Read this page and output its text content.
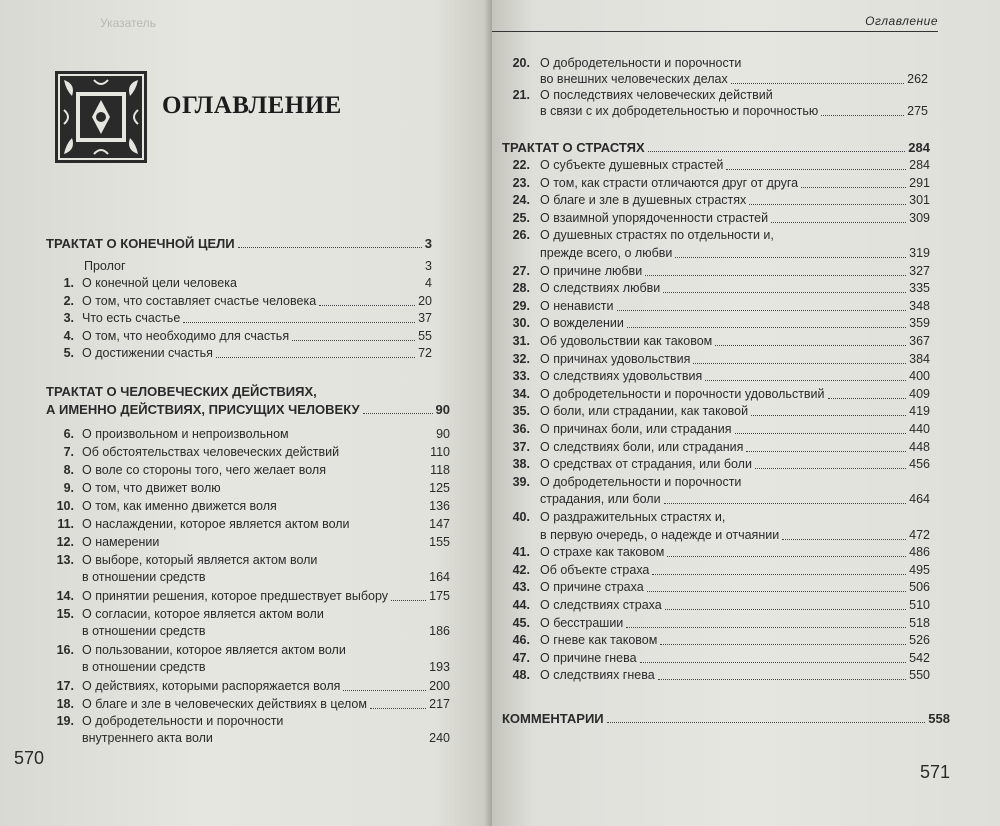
Указатель
ОГЛАВЛЕНИЕ
ТРАКТАТ О КОНЕЧНОЙ ЦЕЛИ	3
Пролог	3
1. О конечной цели человека	4
2. О том, что составляет счастье человека	20
3. Что есть счастье	37
4. О том, что необходимо для счастья	55
5. О достижении счастья	72
ТРАКТАТ О ЧЕЛОВЕЧЕСКИХ ДЕЙСТВИЯХ,
А ИМЕННО ДЕЙСТВИЯХ, ПРИСУЩИХ ЧЕЛОВЕКУ	90
6. О произвольном и непроизвольном	90
7. Об обстоятельствах человеческих действий	110
8. О воле со стороны того, чего желает воля	118
9. О том, что движет волю	125
10. О том, как именно движется воля	136
11. О наслаждении, которое является актом воли	147
12. О намерении	155
13. О выборе, который является актом воли
в отношении средств	164
14. О принятии решения, которое предшествует выбору	175
15. О согласии, которое является актом воли
в отношении средств	186
16. О пользовании, которое является актом воли
в отношении средств	193
17. О действиях, которыми распоряжается воля	200
18. О благе и зле в человеческих действиях в целом	217
19. О добродетельности и порочности
внутреннего акта воли	240
570
Оглавление
20. О добродетельности и порочности
во внешних человеческих делах	262
21. О последствиях человеческих действий
в связи с их добродетельностью и порочностью	275
ТРАКТАТ О СТРАСТЯХ	284
22. О субъекте душевных страстей	284
23. О том, как страсти отличаются друг от друга	291
24. О благе и зле в душевных страстях	301
25. О взаимной упорядоченности страстей	309
26. О душевных страстях по отдельности и,
прежде всего, о любви	319
27. О причине любви	327
28. О следствиях любви	335
29. О ненависти	348
30. О вожделении	359
31. Об удовольствии как таковом	367
32. О причинах удовольствия	384
33. О следствиях удовольствия	400
34. О добродетельности и порочности удовольствий	409
35. О боли, или страдании, как таковой	419
36. О причинах боли, или страдания	440
37. О следствиях боли, или страдания	448
38. О средствах от страдания, или боли	456
39. О добродетельности и порочности
страдания, или боли	464
40. О раздражительных страстях и,
в первую очередь, о надежде и отчаянии	472
41. О страхе как таковом	486
42. Об объекте страха	495
43. О причине страха	506
44. О следствиях страха	510
45. О бесстрашии	518
46. О гневе как таковом	526
47. О причине гнева	542
48. О следствиях гнева	550
КОММЕНТАРИИ	558
571
